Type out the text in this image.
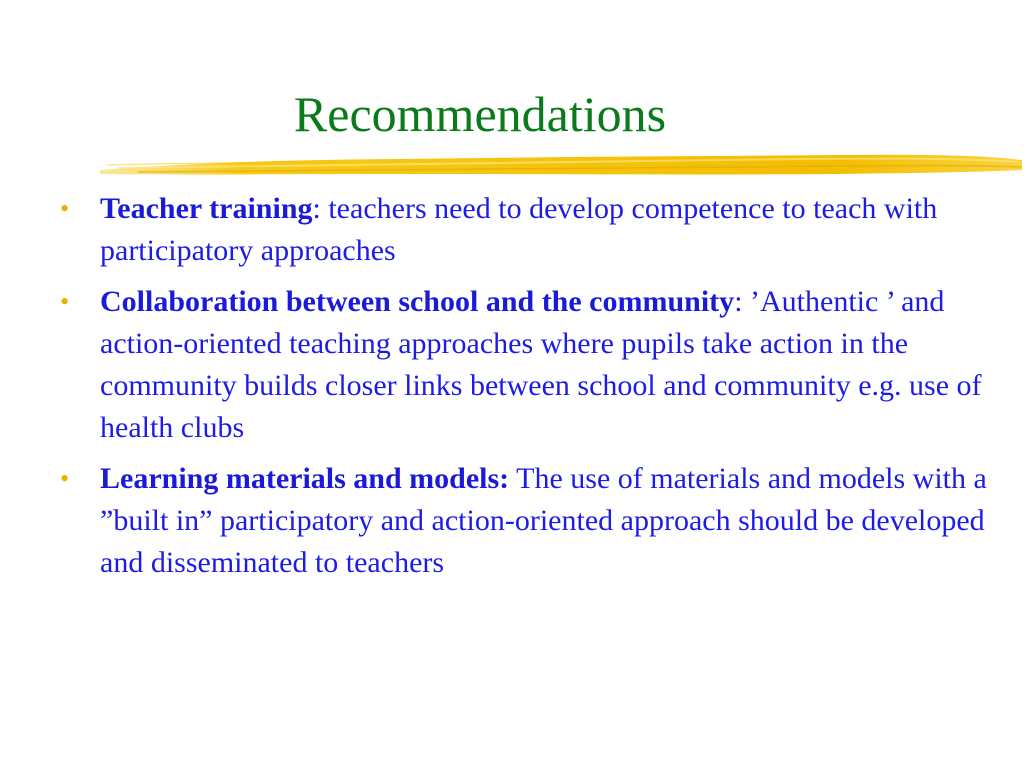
Recommendations
•	Teacher training: teachers need to develop competence to teach with participatory approaches
•	Collaboration between school and the community: ’Authentic ’ and action-oriented teaching approaches where pupils take action in the community builds closer links between school and community e.g. use of health clubs
•	Learning materials and models: The use of materials and models with a ”built in” participatory and action-oriented approach should be developed and disseminated to teachers
